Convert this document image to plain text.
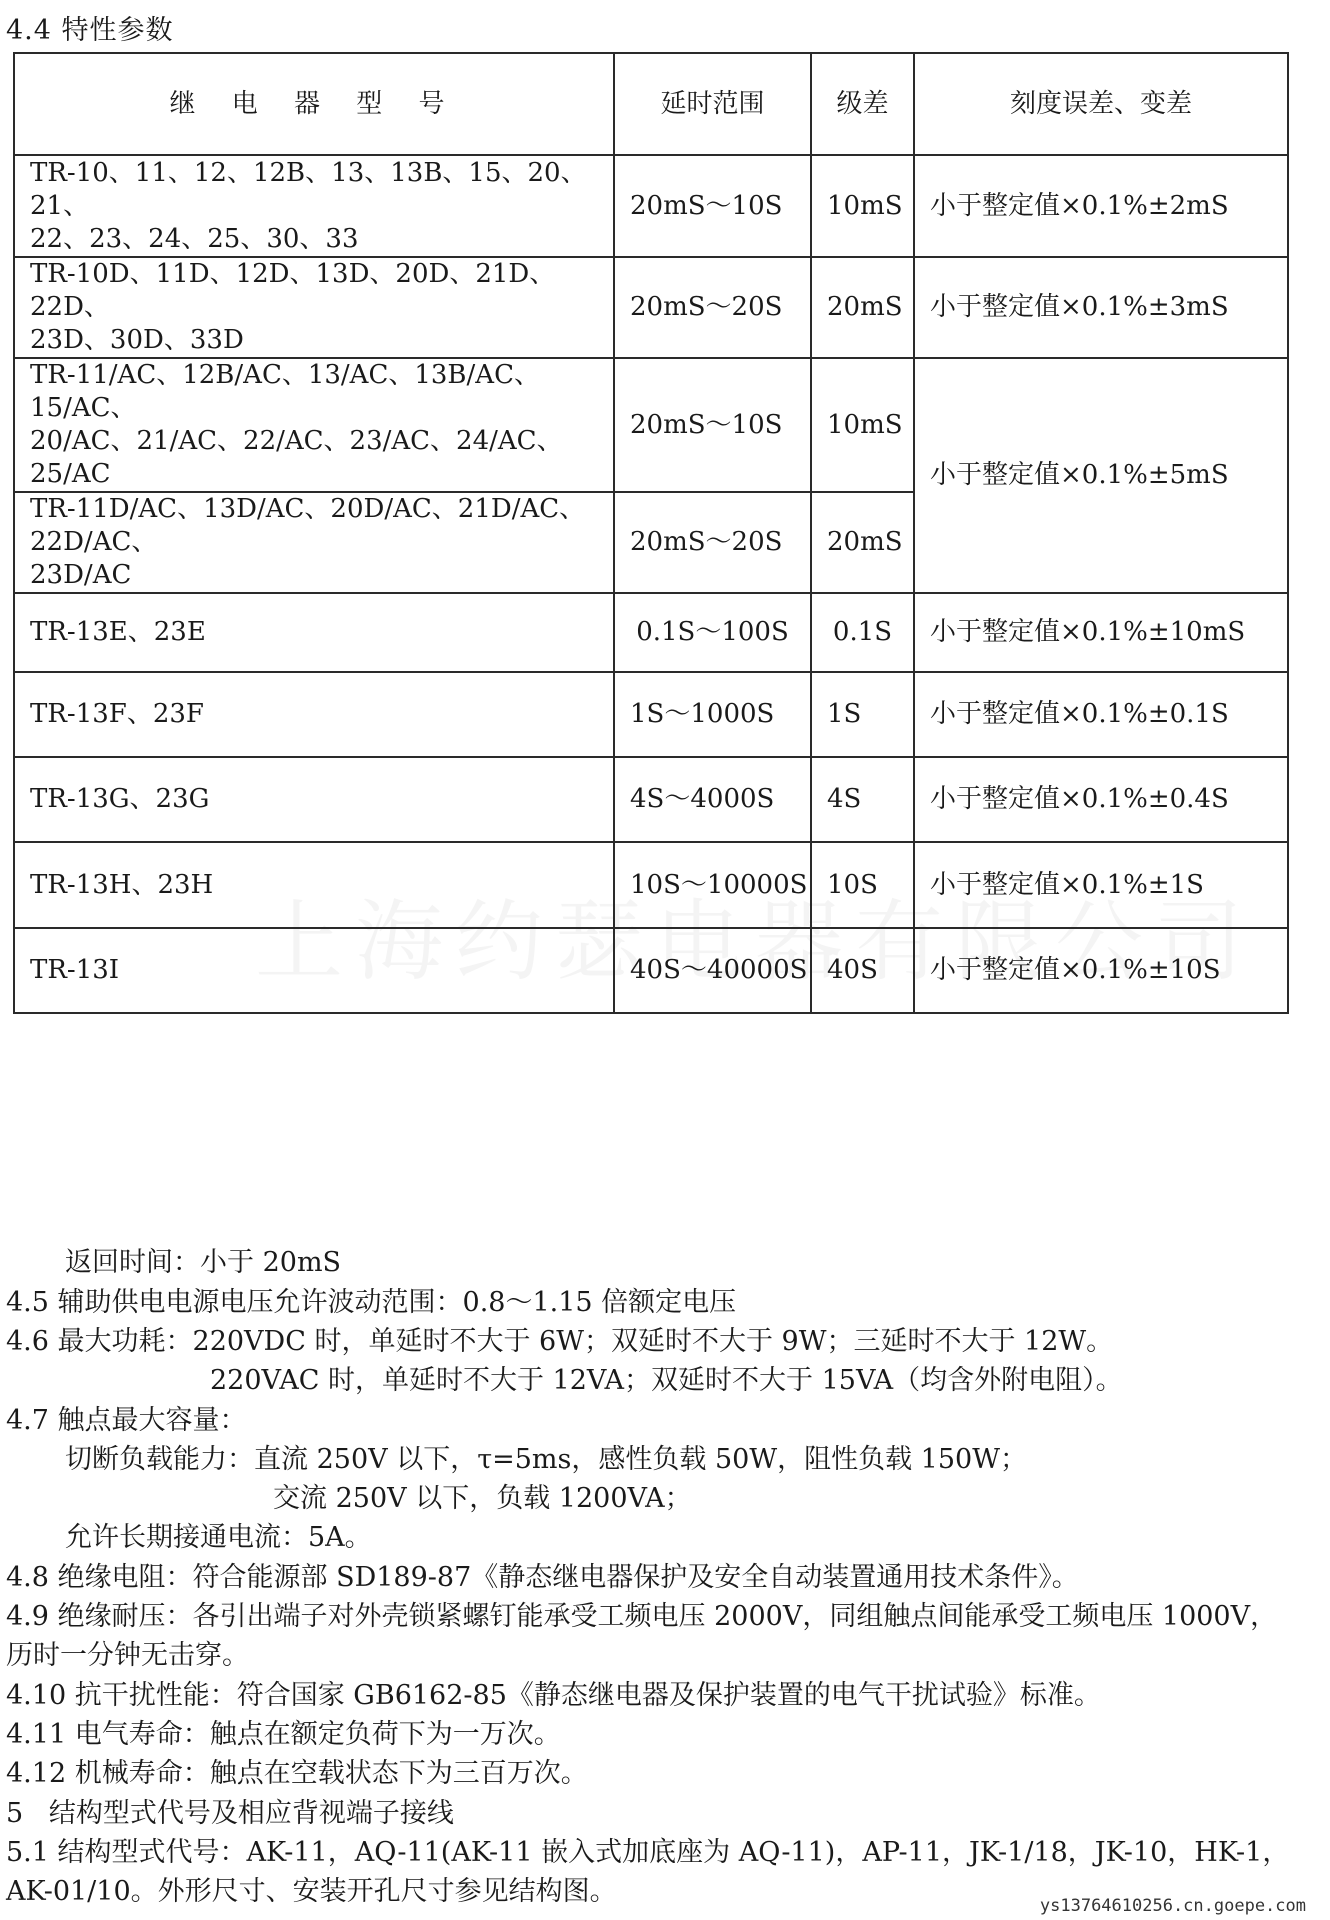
4.4 特性参数
继 电 器 型 号	延时范围	级差	刻度误差、变差
TR-10、11、12、12B、13、13B、15、20、21、
22、23、24、25、30、33	20mS～10S	10mS	小于整定值×0.1%±2mS
TR-10D、11D、12D、13D、20D、21D、22D、
23D、30D、33D	20mS～20S	20mS	小于整定值×0.1%±3mS
TR-11/AC、12B/AC、13/AC、13B/AC、15/AC、
20/AC、21/AC、22/AC、23/AC、24/AC、25/AC	20mS～10S	10mS	小于整定值×0.1%±5mS
TR-11D/AC、13D/AC、20D/AC、21D/AC、22D/AC、
23D/AC	20mS～20S	20mS	
TR-13E、23E	0.1S～100S	0.1S	小于整定值×0.1%±10mS
TR-13F、23F	1S～1000S	1S	小于整定值×0.1%±0.1S
TR-13G、23G	4S～4000S	4S	小于整定值×0.1%±0.4S
TR-13H、23H	10S～10000S	10S	小于整定值×0.1%±1S
TR-13I	40S～40000S	40S	小于整定值×0.1%±10S
返回时间：小于 20mS
4.5 辅助供电电源电压允许波动范围：0.8～1.15 倍额定电压
4.6 最大功耗：220VDC 时，单延时不大于 6W；双延时不大于 9W；三延时不大于 12W。
220VAC 时，单延时不大于 12VA；双延时不大于 15VA（均含外附电阻）。
4.7 触点最大容量：
切断负载能力：直流 250V 以下，τ=5ms，感性负载 50W，阻性负载 150W；
交流 250V 以下，负载 1200VA；
允许长期接通电流：5A。
4.8 绝缘电阻：符合能源部 SD189-87《静态继电器保护及安全自动装置通用技术条件》。
4.9 绝缘耐压：各引出端子对外壳锁紧螺钉能承受工频电压 2000V，同组触点间能承受工频电压 1000V，
历时一分钟无击穿。
4.10 抗干扰性能：符合国家 GB6162-85《静态继电器及保护装置的电气干扰试验》标准。
4.11 电气寿命：触点在额定负荷下为一万次。
4.12 机械寿命：触点在空载状态下为三百万次。
5   结构型式代号及相应背视端子接线
5.1 结构型式代号：AK-11，AQ-11(AK-11 嵌入式加底座为 AQ-11)，AP-11，JK-1/18，JK-10，HK-1，
AK-01/10。外形尺寸、安装开孔尺寸参见结构图。	ys13764610256.cn.goepe.com
